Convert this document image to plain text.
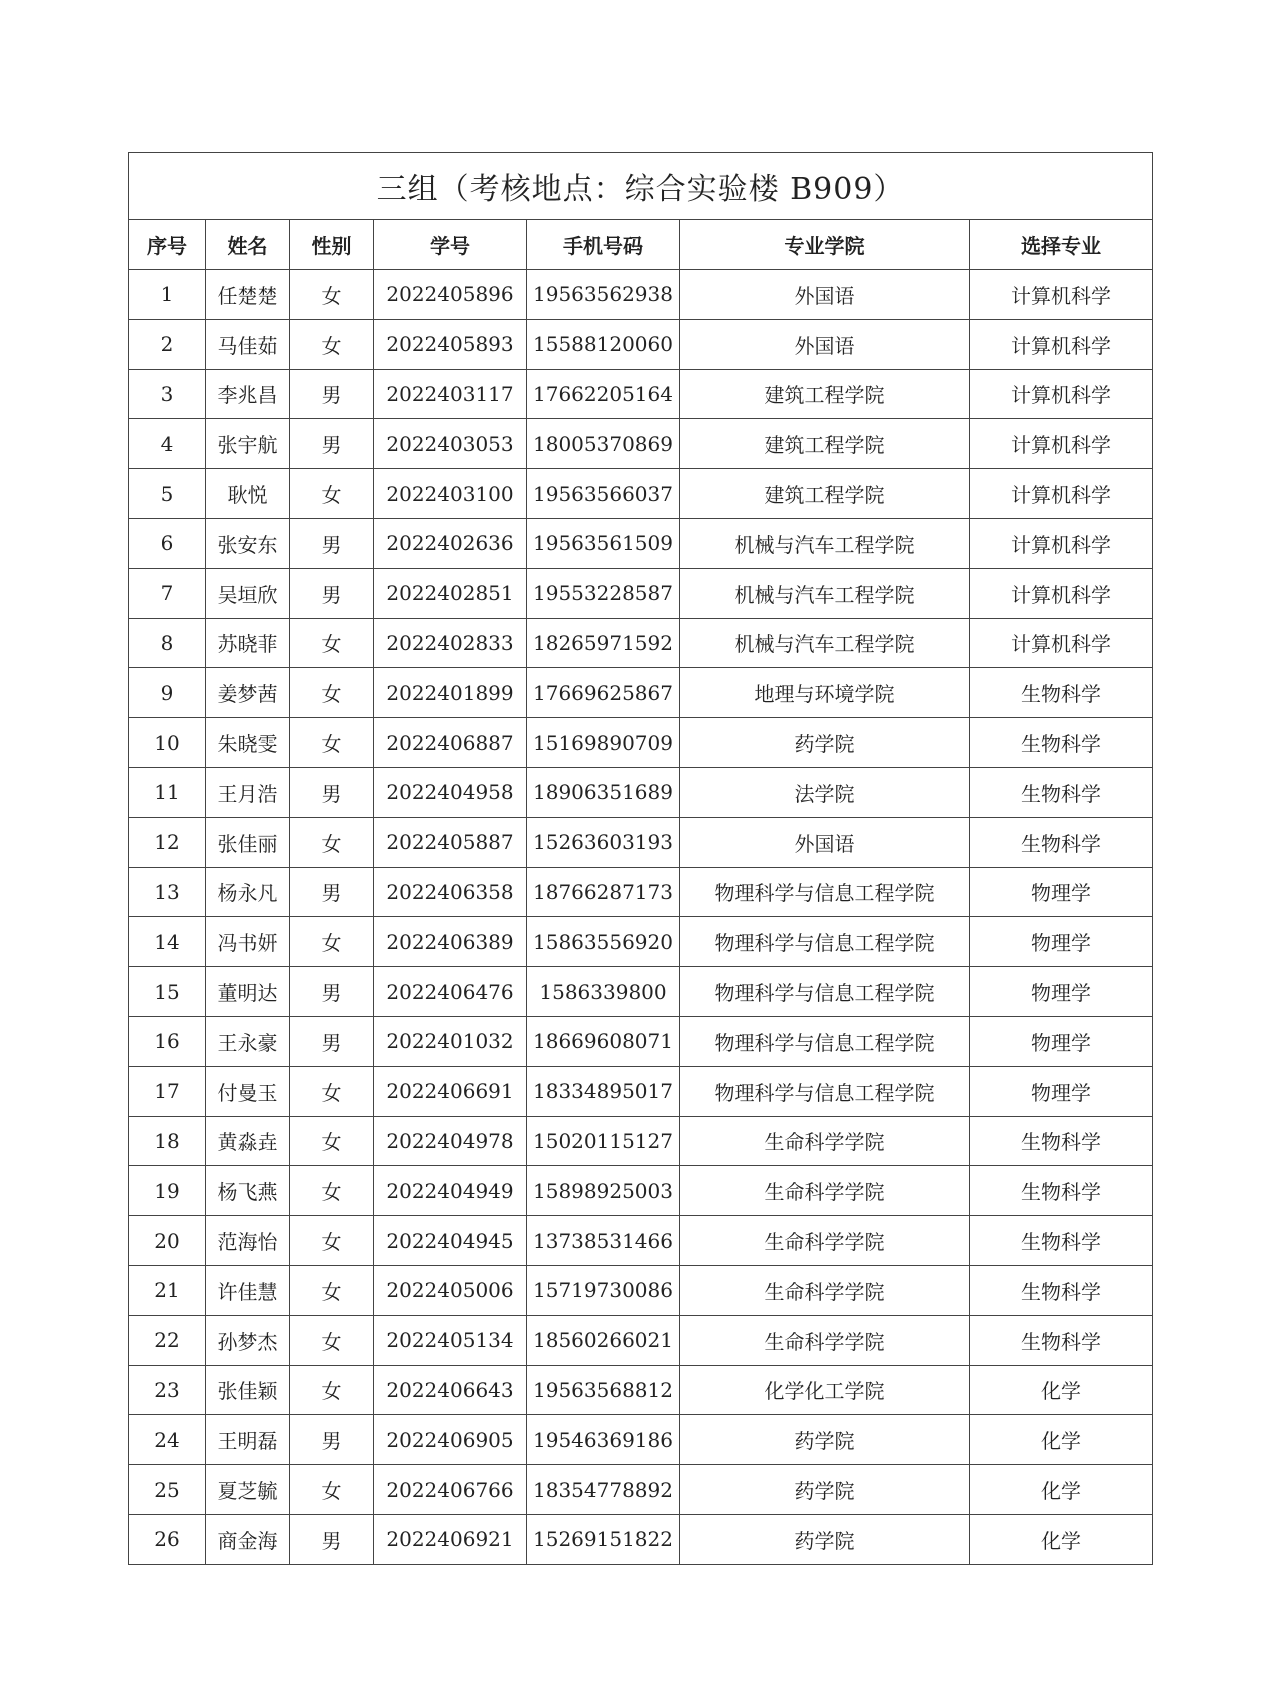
三组（考核地点：综合实验楼 B909）						
序号	姓名	性别	学号	手机号码	专业学院	选择专业
1	任楚楚	女	2022405896	19563562938	外国语	计算机科学
2	马佳茹	女	2022405893	15588120060	外国语	计算机科学
3	李兆昌	男	2022403117	17662205164	建筑工程学院	计算机科学
4	张宇航	男	2022403053	18005370869	建筑工程学院	计算机科学
5	耿悦	女	2022403100	19563566037	建筑工程学院	计算机科学
6	张安东	男	2022402636	19563561509	机械与汽车工程学院	计算机科学
7	吴垣欣	男	2022402851	19553228587	机械与汽车工程学院	计算机科学
8	苏晓菲	女	2022402833	18265971592	机械与汽车工程学院	计算机科学
9	姜梦茜	女	2022401899	17669625867	地理与环境学院	生物科学
10	朱晓雯	女	2022406887	15169890709	药学院	生物科学
11	王月浩	男	2022404958	18906351689	法学院	生物科学
12	张佳丽	女	2022405887	15263603193	外国语	生物科学
13	杨永凡	男	2022406358	18766287173	物理科学与信息工程学院	物理学
14	冯书妍	女	2022406389	15863556920	物理科学与信息工程学院	物理学
15	董明达	男	2022406476	1586339800	物理科学与信息工程学院	物理学
16	王永豪	男	2022401032	18669608071	物理科学与信息工程学院	物理学
17	付曼玉	女	2022406691	18334895017	物理科学与信息工程学院	物理学
18	黄淼垚	女	2022404978	15020115127	生命科学学院	生物科学
19	杨飞燕	女	2022404949	15898925003	生命科学学院	生物科学
20	范海怡	女	2022404945	13738531466	生命科学学院	生物科学
21	许佳慧	女	2022405006	15719730086	生命科学学院	生物科学
22	孙梦杰	女	2022405134	18560266021	生命科学学院	生物科学
23	张佳颖	女	2022406643	19563568812	化学化工学院	化学
24	王明磊	男	2022406905	19546369186	药学院	化学
25	夏芝毓	女	2022406766	18354778892	药学院	化学
26	商金海	男	2022406921	15269151822	药学院	化学
